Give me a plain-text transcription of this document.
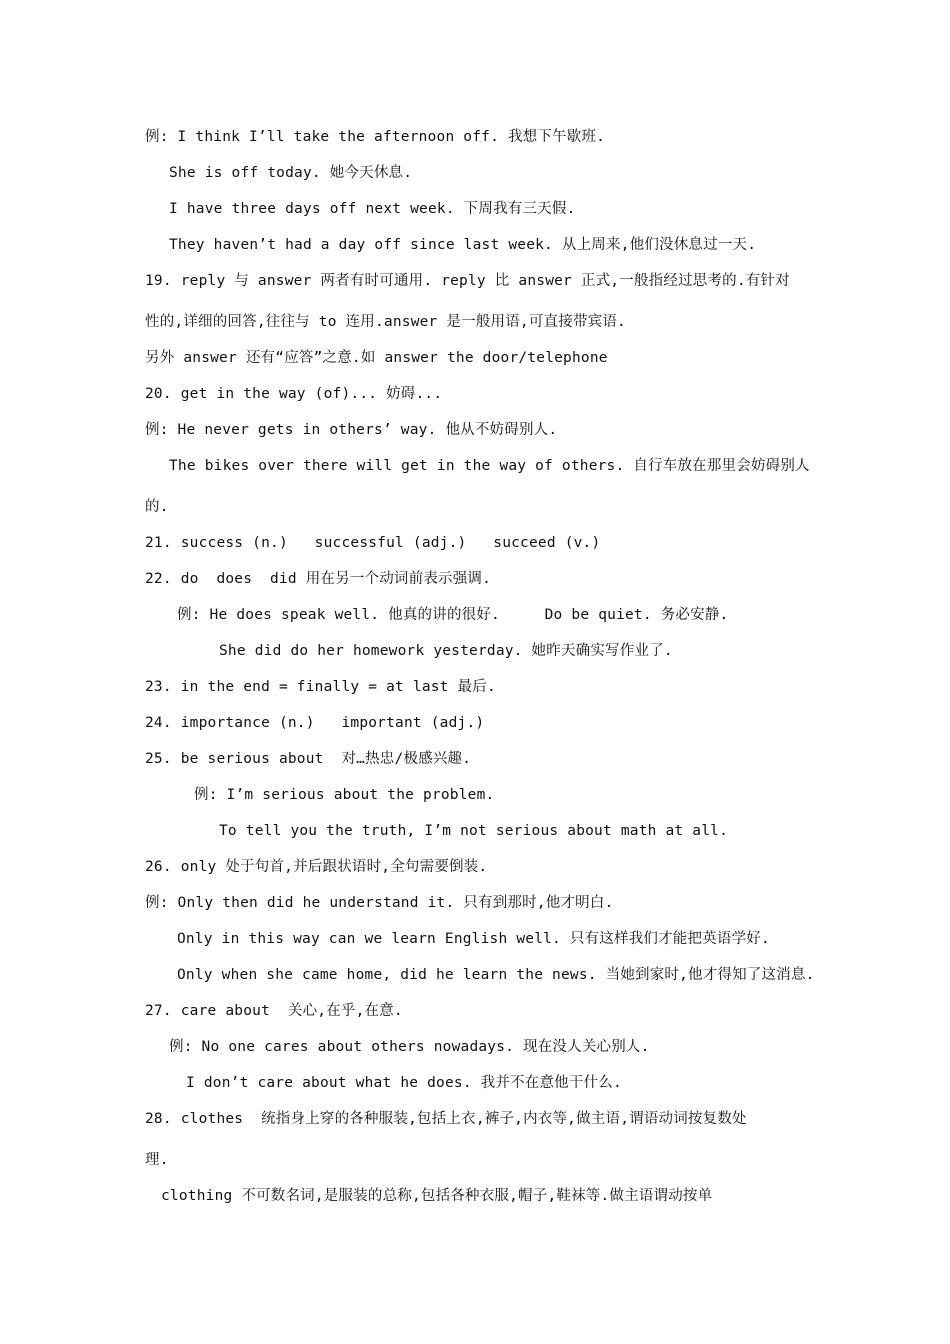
例: I think I’ll take the afternoon off. 我想下午歇班.
She is off today. 她今天休息.
I have three days off next week. 下周我有三天假.
They haven’t had a day off since last week. 从上周来,他们没休息过一天.
19. reply 与 answer 两者有时可通用. reply 比 answer 正式,一般指经过思考的.有针对
性的,详细的回答,往往与 to 连用.answer 是一般用语,可直接带宾语.
另外 answer 还有“应答”之意.如 answer the door/telephone
20. get in the way (of)... 妨碍...
例: He never gets in others’ way. 他从不妨碍别人.
The bikes over there will get in the way of others. 自行车放在那里会妨碍别人
的.
21. success (n.)   successful (adj.)   succeed (v.)
22. do  does  did 用在另一个动词前表示强调.
例: He does speak well. 他真的讲的很好.     Do be quiet. 务必安静.
She did do her homework yesterday. 她昨天确实写作业了.
23. in the end = finally = at last 最后.
24. importance (n.)   important (adj.)
25. be serious about  对…热忠/极感兴趣.
例: I’m serious about the problem.
To tell you the truth, I’m not serious about math at all.
26. only 处于句首,并后跟状语时,全句需要倒装.
例: Only then did he understand it. 只有到那时,他才明白.
Only in this way can we learn English well. 只有这样我们才能把英语学好.
Only when she came home, did he learn the news. 当她到家时,他才得知了这消息.
27. care about  关心,在乎,在意.
例: No one cares about others nowadays. 现在没人关心别人.
I don’t care about what he does. 我并不在意他干什么.
28. clothes  统指身上穿的各种服装,包括上衣,裤子,内衣等,做主语,谓语动词按复数处
理.
clothing 不可数名词,是服装的总称,包括各种衣服,帽子,鞋袜等.做主语谓动按单
